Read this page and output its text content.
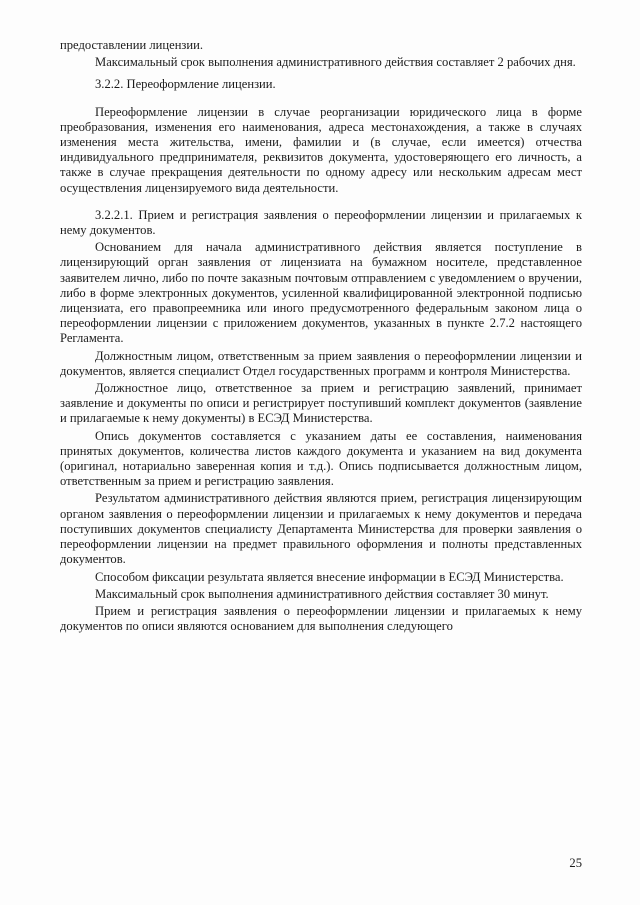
предоставлении лицензии.

Максимальный срок выполнения административного действия составляет 2 рабочих дня.

3.2.2. Переоформление лицензии.

Переоформление лицензии в случае реорганизации юридического лица в форме преобразования, изменения его наименования, адреса местонахождения, а также в случаях изменения места жительства, имени, фамилии и (в случае, если имеется) отчества индивидуального предпринимателя, реквизитов документа, удостоверяющего его личность, а также в случае прекращения деятельности по одному адресу или нескольким адресам мест осуществления лицензируемого вида деятельности.

3.2.2.1. Прием и регистрация заявления о переоформлении лицензии и прилагаемых к нему документов.

Основанием для начала административного действия является поступление в лицензирующий орган заявления от лицензиата на бумажном носителе, представленное заявителем лично, либо по почте заказным почтовым отправлением с уведомлением о вручении, либо в форме электронных документов, усиленной квалифицированной электронной подписью лицензиата, его правопреемника или иного предусмотренного федеральным законом лица о переоформлении лицензии с приложением документов, указанных в пункте 2.7.2 настоящего Регламента.

Должностным лицом, ответственным за прием заявления о переоформлении лицензии и документов, является специалист Отдел государственных программ и контроля Министерства.

Должностное лицо, ответственное за прием и регистрацию заявлений, принимает заявление и документы по описи и регистрирует поступивший комплект документов (заявление и прилагаемые к нему документы) в ЕСЭД Министерства.

Опись документов составляется с указанием даты ее составления, наименования принятых документов, количества листов каждого документа и указанием на вид документа (оригинал, нотариально заверенная копия и т.д.). Опись подписывается должностным лицом, ответственным за прием и регистрацию заявления.

Результатом административного действия являются прием, регистрация лицензирующим органом заявления о переоформлении лицензии и прилагаемых к нему документов и передача поступивших документов специалисту Департамента Министерства для проверки заявления о переоформлении лицензии на предмет правильного оформления и полноты представленных документов.

Способом фиксации результата является внесение информации в ЕСЭД Министерства.

Максимальный срок выполнения административного действия составляет 30 минут.

Прием и регистрация заявления о переоформлении лицензии и прилагаемых к нему документов по описи являются основанием для выполнения следующего

25
